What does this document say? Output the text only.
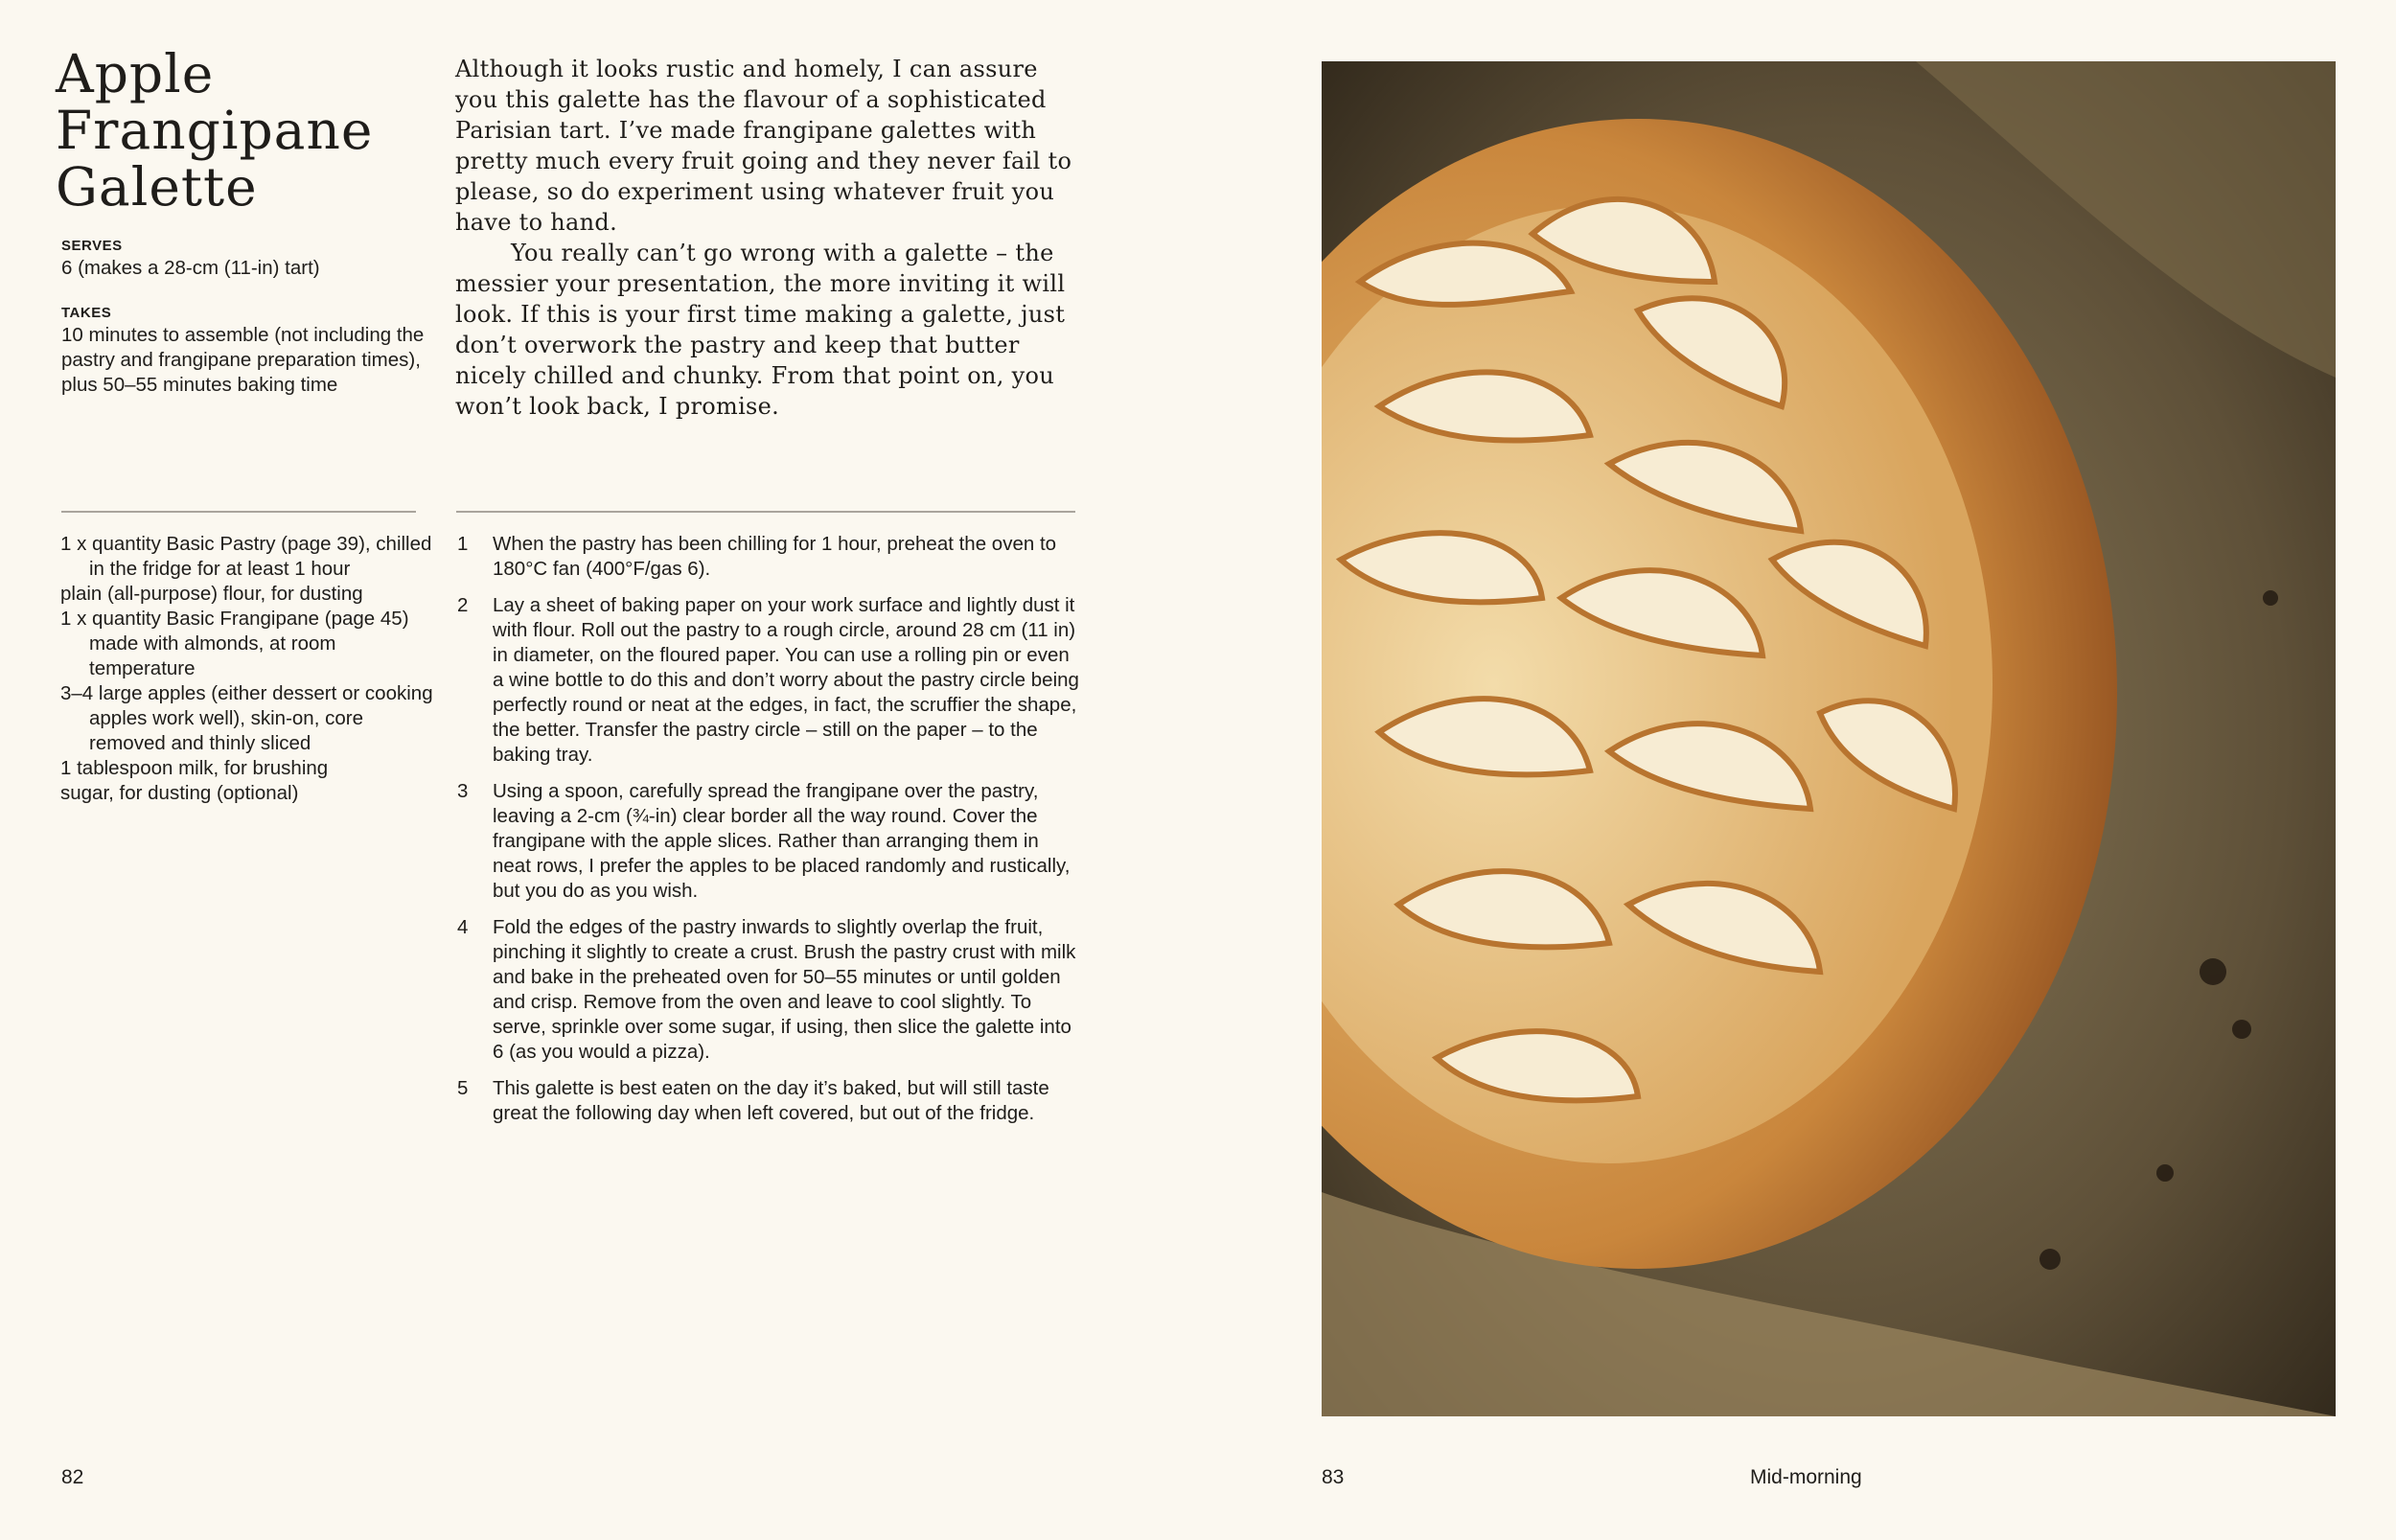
Apple
Frangipane
Galette

SERVES

6 (makes a 28-cm (11-in) tart)

TAKES

10 minutes to assemble (not including the pastry and frangipane preparation times), plus 50–55 minutes baking time

Although it looks rustic and homely, I can assure you this galette has the flavour of a sophisticated Parisian tart. I’ve made frangipane galettes with pretty much every fruit going and they never fail to please, so do experiment using whatever fruit you have to hand.

You really can’t go wrong with a galette – the messier your presentation, the more inviting it will look. If this is your first time making a galette, just don’t overwork the pastry and keep that butter nicely chilled and chunky. From that point on, you won’t look back, I promise.

1 x quantity Basic Pastry (page 39), chilled in the fridge for at least 1 hour
plain (all-purpose) flour, for dusting
1 x quantity Basic Frangipane (page 45) made with almonds, at room temperature
3–4 large apples (either dessert or cooking apples work well), skin-on, core removed and thinly sliced
1 tablespoon milk, for brushing
sugar, for dusting (optional)
1 When the pastry has been chilling for 1 hour, preheat the oven to 180°C fan (400°F/gas 6).
2 Lay a sheet of baking paper on your work surface and lightly dust it with flour. Roll out the pastry to a rough circle, around 28 cm (11 in) in diameter, on the floured paper. You can use a rolling pin or even a wine bottle to do this and don’t worry about the pastry circle being perfectly round or neat at the edges, in fact, the scruffier the shape, the better. Transfer the pastry circle – still on the paper – to the baking tray.
3 Using a spoon, carefully spread the frangipane over the pastry, leaving a 2-cm (¾-in) clear border all the way round. Cover the frangipane with the apple slices. Rather than arranging them in neat rows, I prefer the apples to be placed randomly and rustically, but you do as you wish.
4 Fold the edges of the pastry inwards to slightly overlap the fruit, pinching it slightly to create a crust. Brush the pastry crust with milk and bake in the preheated oven for 50–55 minutes or until golden and crisp. Remove from the oven and leave to cool slightly. To serve, sprinkle over some sugar, if using, then slice the galette into 6 (as you would a pizza).
5 This galette is best eaten on the day it’s baked, but will still taste great the following day when left covered, but out of the fridge.
82	83	Mid-morning
